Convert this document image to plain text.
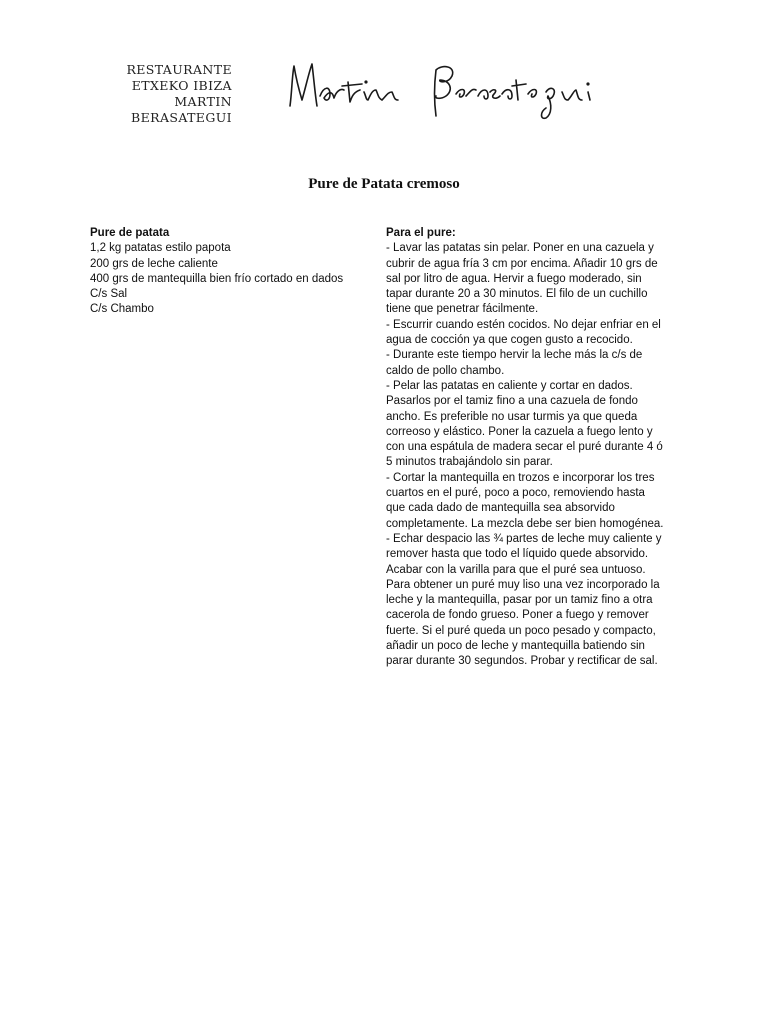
RESTAURANTE
ETXEKO IBIZA
MARTIN
BERASATEGUI
Pure de Patata cremoso
Pure de patata

1,2 kg patatas estilo papota

200 grs de leche caliente

400 grs de mantequilla bien frío cortado en dados

C/s Sal

C/s Chambo

Para el pure:

- Lavar las patatas sin pelar. Poner en una cazuela y

cubrir de agua fría 3 cm por encima. Añadir 10 grs de

sal por litro de agua. Hervir a fuego moderado, sin

tapar durante 20 a 30 minutos. El filo de un cuchillo

tiene que penetrar fácilmente.

- Escurrir cuando estén cocidos. No dejar enfriar en el

agua de cocción ya que cogen gusto a recocido.

- Durante este tiempo hervir la leche más la c/s de

caldo de pollo chambo.

- Pelar las patatas en caliente y cortar en dados.

Pasarlos por el tamiz fino a una cazuela de fondo

ancho. Es preferible no usar turmis ya que queda

correoso y elástico. Poner la cazuela a fuego lento y

con una espátula de madera secar el puré durante 4 ó

5 minutos trabajándolo sin parar.

- Cortar la mantequilla en trozos e incorporar los tres

cuartos en el puré, poco a poco, removiendo hasta

que cada dado de mantequilla sea absorvido

completamente. La mezcla debe ser bien homogénea.

- Echar despacio las ¾ partes de leche muy caliente y

remover hasta que todo el líquido quede absorvido.

Acabar con la varilla para que el puré sea untuoso.

Para obtener un puré muy liso una vez incorporado la

leche y la mantequilla, pasar por un tamiz fino a otra

cacerola de fondo grueso. Poner a fuego y remover

fuerte. Si el puré queda un poco pesado y compacto,

añadir un poco de leche y mantequilla batiendo sin

parar durante 30 segundos. Probar y rectificar de sal.
